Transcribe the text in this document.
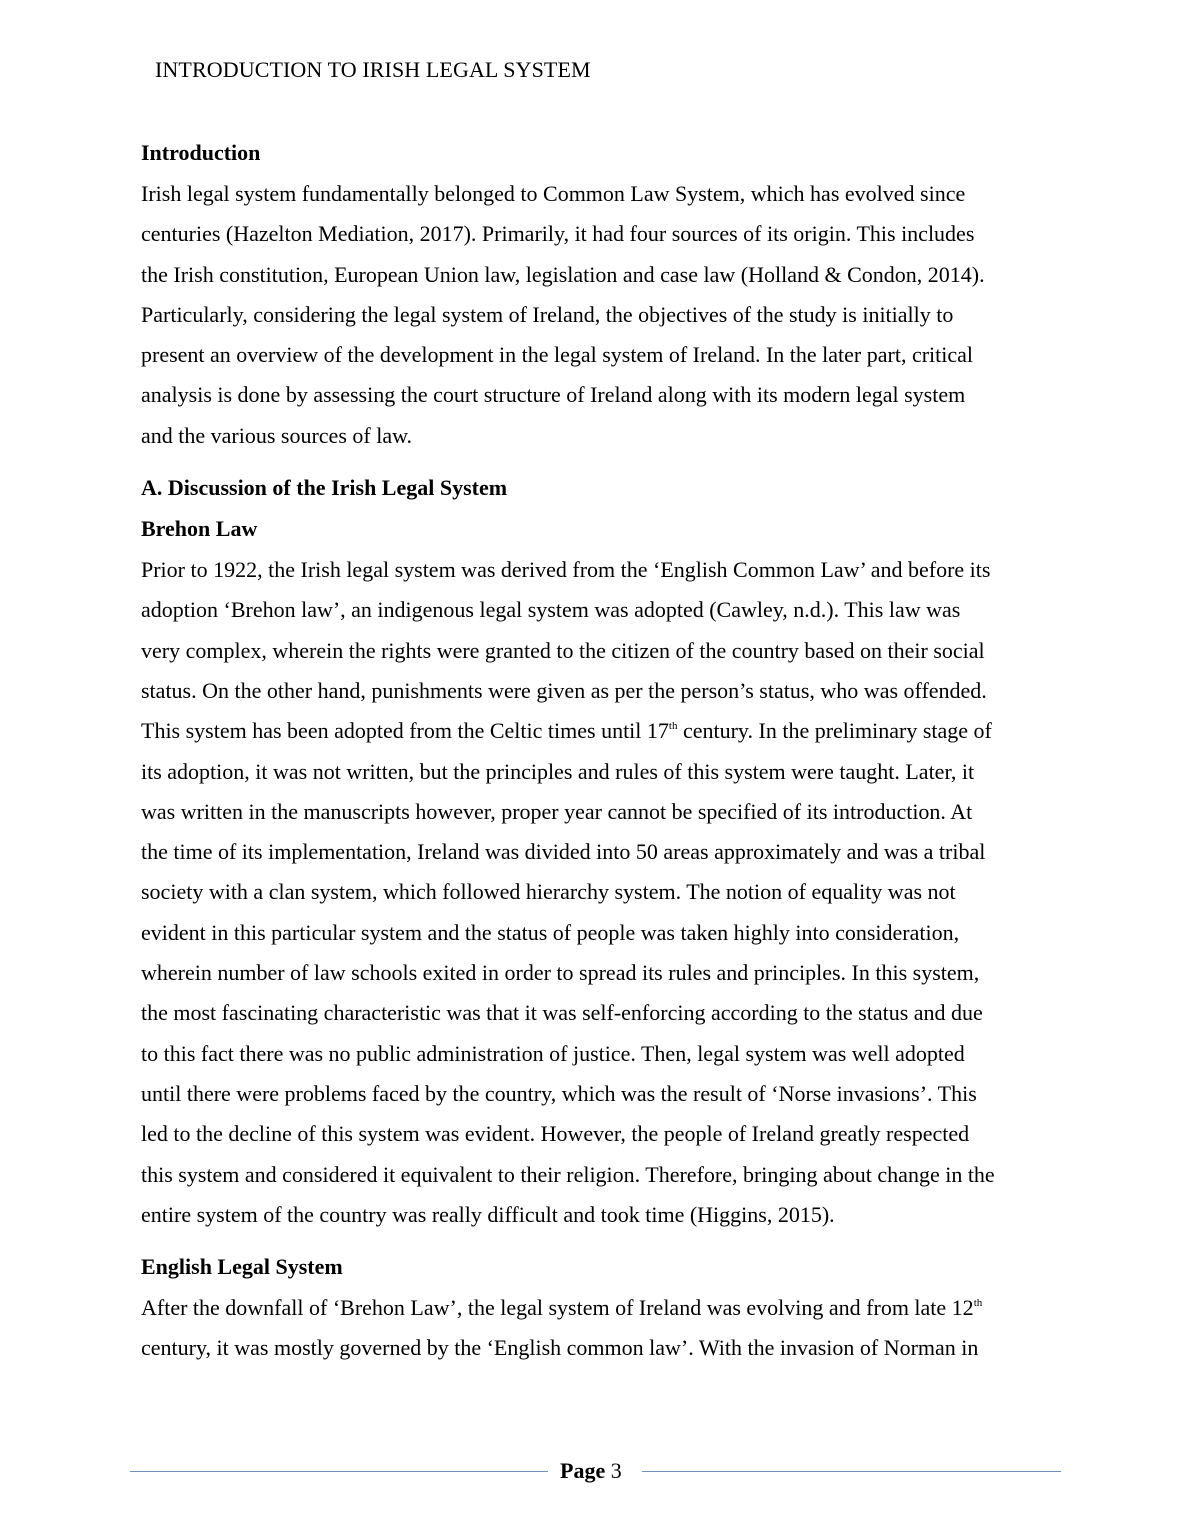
INTRODUCTION TO IRISH LEGAL SYSTEM
Introduction
Irish legal system fundamentally belonged to Common Law System, which has evolved since
centuries (Hazelton Mediation, 2017). Primarily, it had four sources of its origin. This includes
the Irish constitution, European Union law, legislation and case law (Holland & Condon, 2014).
Particularly, considering the legal system of Ireland, the objectives of the study is initially to
present an overview of the development in the legal system of Ireland. In the later part, critical
analysis is done by assessing the court structure of Ireland along with its modern legal system
and the various sources of law.
A. Discussion of the Irish Legal System
Brehon Law
Prior to 1922, the Irish legal system was derived from the ‘English Common Law’ and before its
adoption ‘Brehon law’, an indigenous legal system was adopted (Cawley, n.d.). This law was
very complex, wherein the rights were granted to the citizen of the country based on their social
status. On the other hand, punishments were given as per the person’s status, who was offended.
This system has been adopted from the Celtic times until 17th century. In the preliminary stage of
its adoption, it was not written, but the principles and rules of this system were taught. Later, it
was written in the manuscripts however, proper year cannot be specified of its introduction. At
the time of its implementation, Ireland was divided into 50 areas approximately and was a tribal
society with a clan system, which followed hierarchy system. The notion of equality was not
evident in this particular system and the status of people was taken highly into consideration,
wherein number of law schools exited in order to spread its rules and principles. In this system,
the most fascinating characteristic was that it was self-enforcing according to the status and due
to this fact there was no public administration of justice. Then, legal system was well adopted
until there were problems faced by the country, which was the result of ‘Norse invasions’. This
led to the decline of this system was evident. However, the people of Ireland greatly respected
this system and considered it equivalent to their religion. Therefore, bringing about change in the
entire system of the country was really difficult and took time (Higgins, 2015).
English Legal System
After the downfall of ‘Brehon Law’, the legal system of Ireland was evolving and from late 12th
century, it was mostly governed by the ‘English common law’. With the invasion of Norman in
Page 3
